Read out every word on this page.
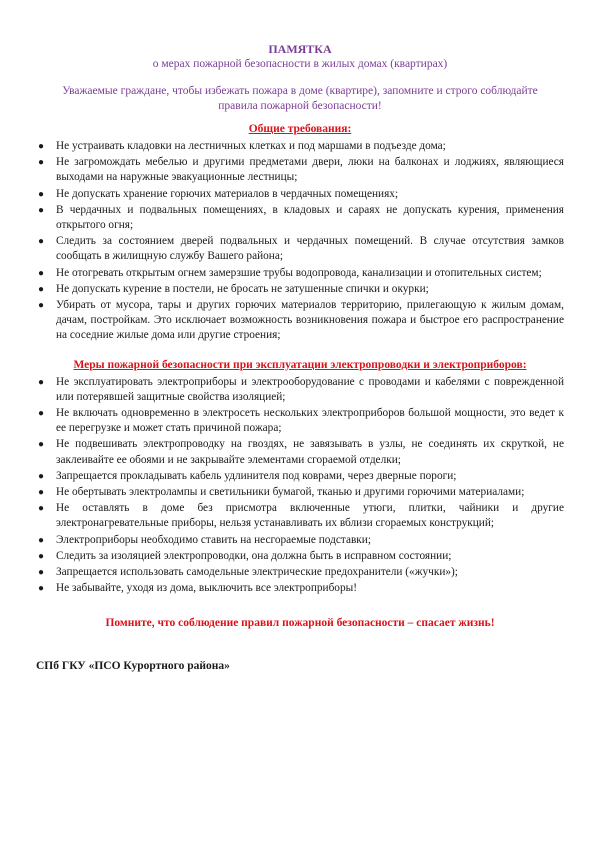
ПАМЯТКА
о мерах пожарной безопасности в жилых домах (квартирах)
Уважаемые граждане, чтобы избежать пожара в доме (квартире), запомните и строго соблюдайте правила пожарной безопасности!
Общие требования:
● Не устраивать кладовки на лестничных клетках и под маршами в подъезде дома;
● Не загромождать мебелью и другими предметами двери, люки на балконах и лоджиях, являющиеся выходами на наружные эвакуационные лестницы;
● Не допускать хранение горючих материалов в чердачных помещениях;
● В чердачных и подвальных помещениях, в кладовых и сараях не допускать курения, применения открытого огня;
● Следить за состоянием дверей подвальных и чердачных помещений. В случае отсутствия замков сообщать в жилищную службу Вашего района;
● Не отогревать открытым огнем замерзшие трубы водопровода, канализации и отопительных систем;
● Не допускать курение в постели, не бросать не затушенные спички и окурки;
● Убирать от мусора, тары и других горючих материалов территорию, прилегающую к жилым домам, дачам, постройкам. Это исключает возможность возникновения пожара и быстрое его распространение на соседние жилые дома или другие строения;
Меры пожарной безопасности при эксплуатации электропроводки и электроприборов:
● Не эксплуатировать электроприборы и электрооборудование с проводами и кабелями с поврежденной или потерявшей защитные свойства изоляцией;
● Не включать одновременно в электросеть нескольких электроприборов большой мощности, это ведет к ее перегрузке и может стать причиной пожара;
● Не подвешивать электропроводку на гвоздях, не завязывать в узлы, не соединять их скруткой, не заклеивайте ее обоями и не закрывайте элементами сгораемой отделки;
● Запрещается прокладывать кабель удлинителя под коврами, через дверные пороги;
● Не обертывать электролампы и светильники бумагой, тканью и другими горючими материалами;
● Не оставлять в доме без присмотра включенные утюги, плитки, чайники и другие электронагревательные приборы, нельзя устанавливать их вблизи сгораемых конструкций;
● Электроприборы необходимо ставить на несгораемые подставки;
● Следить за изоляцией электропроводки, она должна быть в исправном состоянии;
● Запрещается использовать самодельные электрические предохранители («жучки»);
● Не забывайте, уходя из дома, выключить все электроприборы!
Помните, что соблюдение правил пожарной безопасности – спасает жизнь!
СПб ГКУ «ПСО Курортного района»
